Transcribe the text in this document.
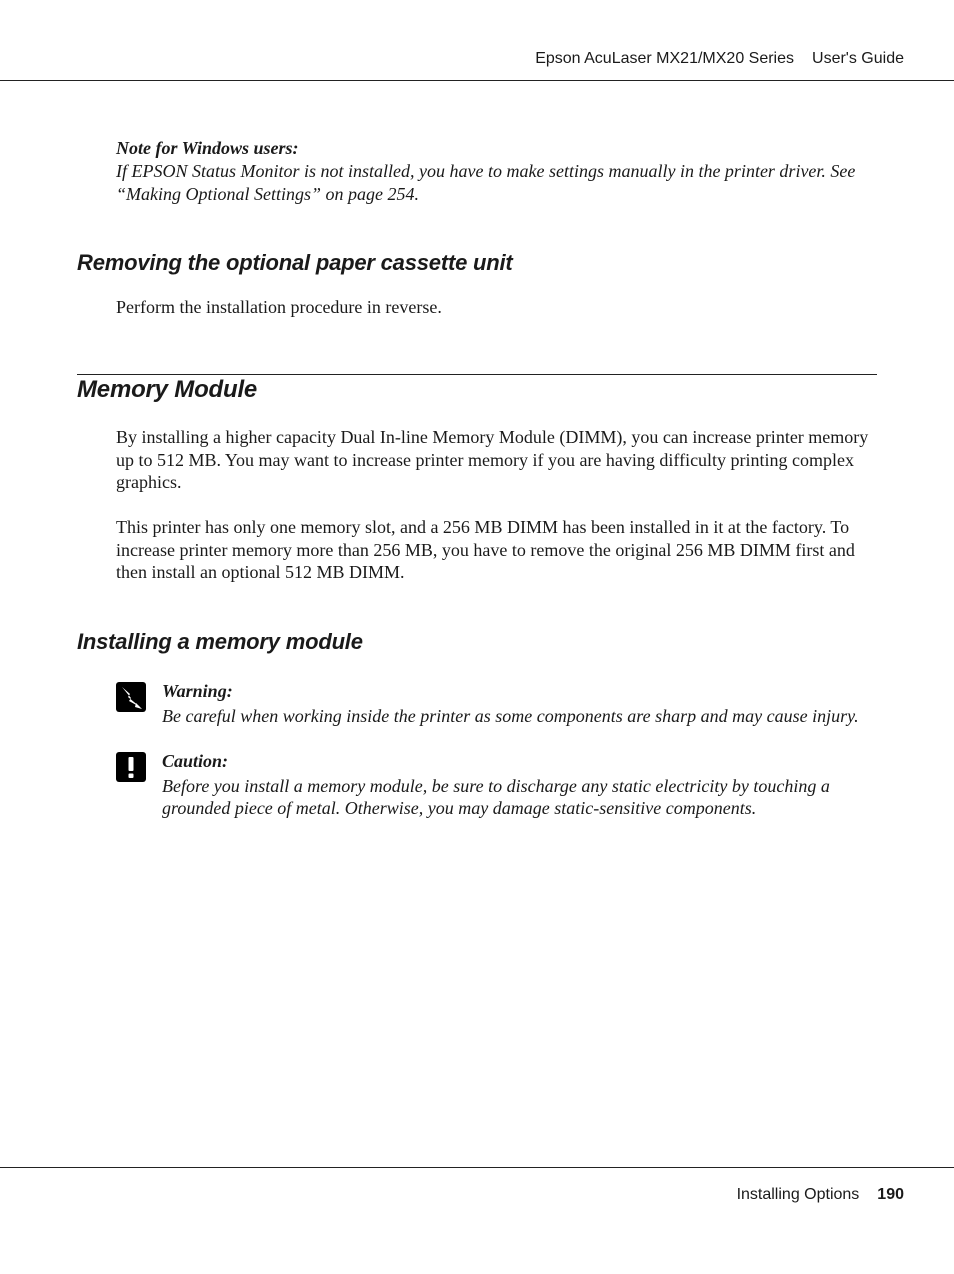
Epson AcuLaser MX21/MX20 Series User's Guide
Note for Windows users:
If EPSON Status Monitor is not installed, you have to make settings manually in the printer driver. See “Making Optional Settings” on page 254.
Removing the optional paper cassette unit
Perform the installation procedure in reverse.
Memory Module
By installing a higher capacity Dual In-line Memory Module (DIMM), you can increase printer memory up to 512 MB. You may want to increase printer memory if you are having difficulty printing complex graphics.
This printer has only one memory slot, and a 256 MB DIMM has been installed in it at the factory. To increase printer memory more than 256 MB, you have to remove the original 256 MB DIMM first and then install an optional 512 MB DIMM.
Installing a memory module
Warning:
Be careful when working inside the printer as some components are sharp and may cause injury.
Caution:
Before you install a memory module, be sure to discharge any static electricity by touching a grounded piece of metal. Otherwise, you may damage static-sensitive components.
Installing Options 190
